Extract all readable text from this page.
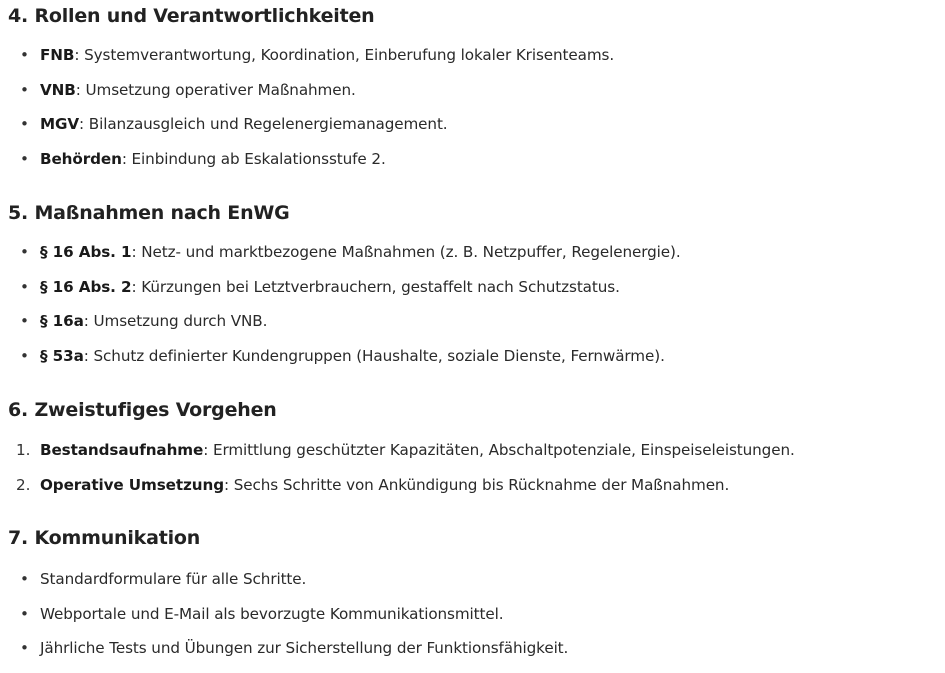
4. Rollen und Verantwortlichkeiten
• FNB: Systemverantwortung, Koordination, Einberufung lokaler Krisenteams.
• VNB: Umsetzung operativer Maßnahmen.
• MGV: Bilanzausgleich und Regelenergiemanagement.
• Behörden: Einbindung ab Eskalationsstufe 2.
5. Maßnahmen nach EnWG
• § 16 Abs. 1: Netz- und marktbezogene Maßnahmen (z. B. Netzpuffer, Regelenergie).
• § 16 Abs. 2: Kürzungen bei Letztverbrauchern, gestaffelt nach Schutzstatus.
• § 16a: Umsetzung durch VNB.
• § 53a: Schutz definierter Kundengruppen (Haushalte, soziale Dienste, Fernwärme).
6. Zweistufiges Vorgehen
1. Bestandsaufnahme: Ermittlung geschützter Kapazitäten, Abschaltpotenziale, Einspeiseleistungen.
2. Operative Umsetzung: Sechs Schritte von Ankündigung bis Rücknahme der Maßnahmen.
7. Kommunikation
• Standardformulare für alle Schritte.
• Webportale und E-Mail als bevorzugte Kommunikationsmittel.
• Jährliche Tests und Übungen zur Sicherstellung der Funktionsfähigkeit.
